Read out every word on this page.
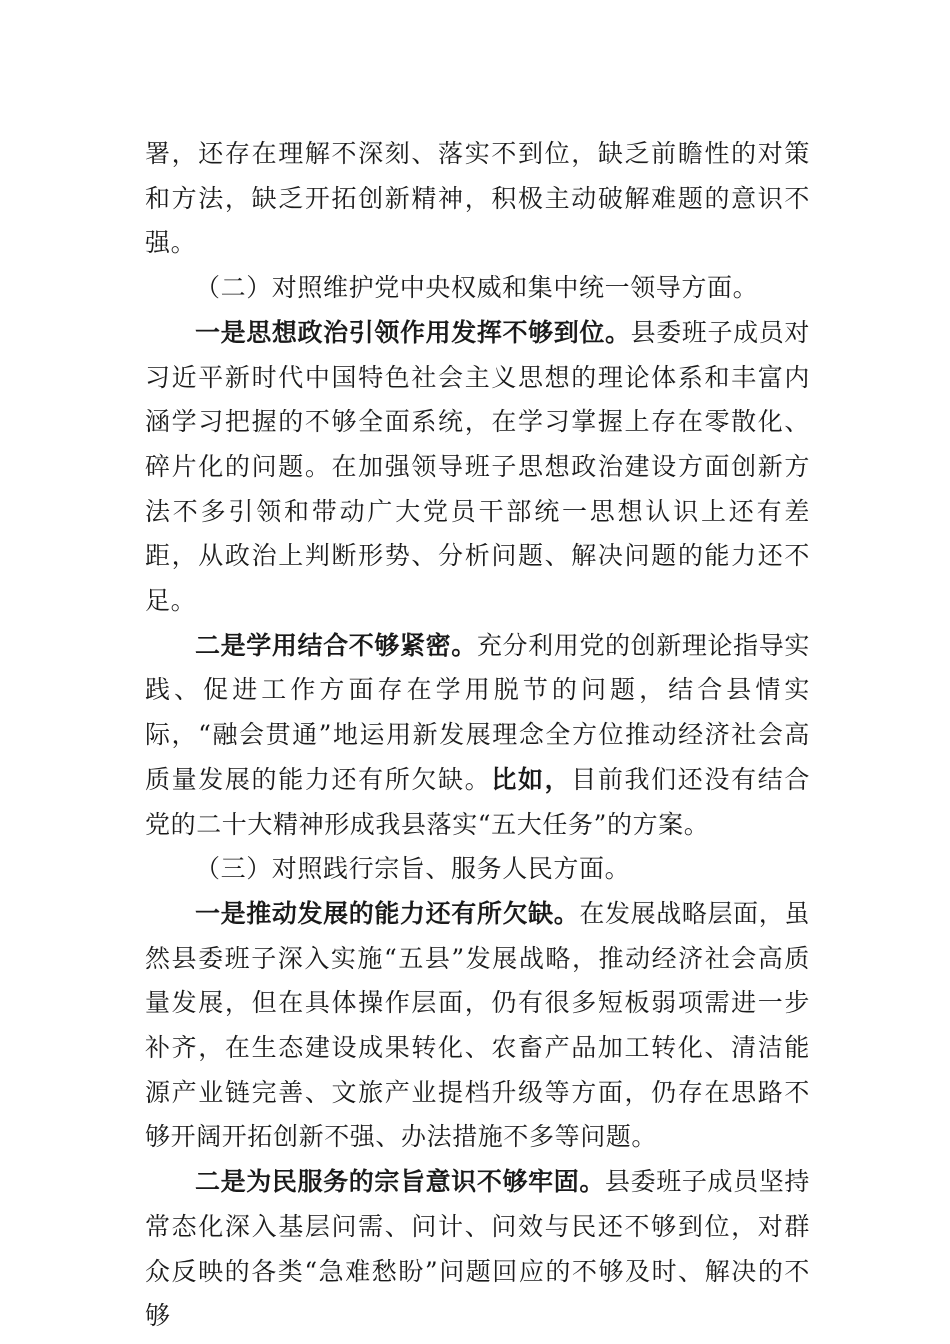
署，还存在理解不深刻、落实不到位，缺乏前瞻性的对策和方法，缺乏开拓创新精神，积极主动破解难题的意识不强。

（二）对照维护党中央权威和集中统一领导方面。

一是思想政治引领作用发挥不够到位。县委班子成员对习近平新时代中国特色社会主义思想的理论体系和丰富内涵学习把握的不够全面系统，在学习掌握上存在零散化、碎片化的问题。在加强领导班子思想政治建设方面创新方法不多引领和带动广大党员干部统一思想认识上还有差距，从政治上判断形势、分析问题、解决问题的能力还不足。

二是学用结合不够紧密。充分利用党的创新理论指导实践、促进工作方面存在学用脱节的问题，结合县情实际，“融会贯通”地运用新发展理念全方位推动经济社会高质量发展的能力还有所欠缺。比如，目前我们还没有结合党的二十大精神形成我县落实“五大任务”的方案。

（三）对照践行宗旨、服务人民方面。

一是推动发展的能力还有所欠缺。在发展战略层面，虽然县委班子深入实施“五县”发展战略，推动经济社会高质量发展，但在具体操作层面，仍有很多短板弱项需进一步补齐，在生态建设成果转化、农畜产品加工转化、清洁能源产业链完善、文旅产业提档升级等方面，仍存在思路不够开阔开拓创新不强、办法措施不多等问题。

二是为民服务的宗旨意识不够牢固。县委班子成员坚持常态化深入基层问需、问计、问效与民还不够到位，对群众反映的各类“急难愁盼”问题回应的不够及时、解决的不够
